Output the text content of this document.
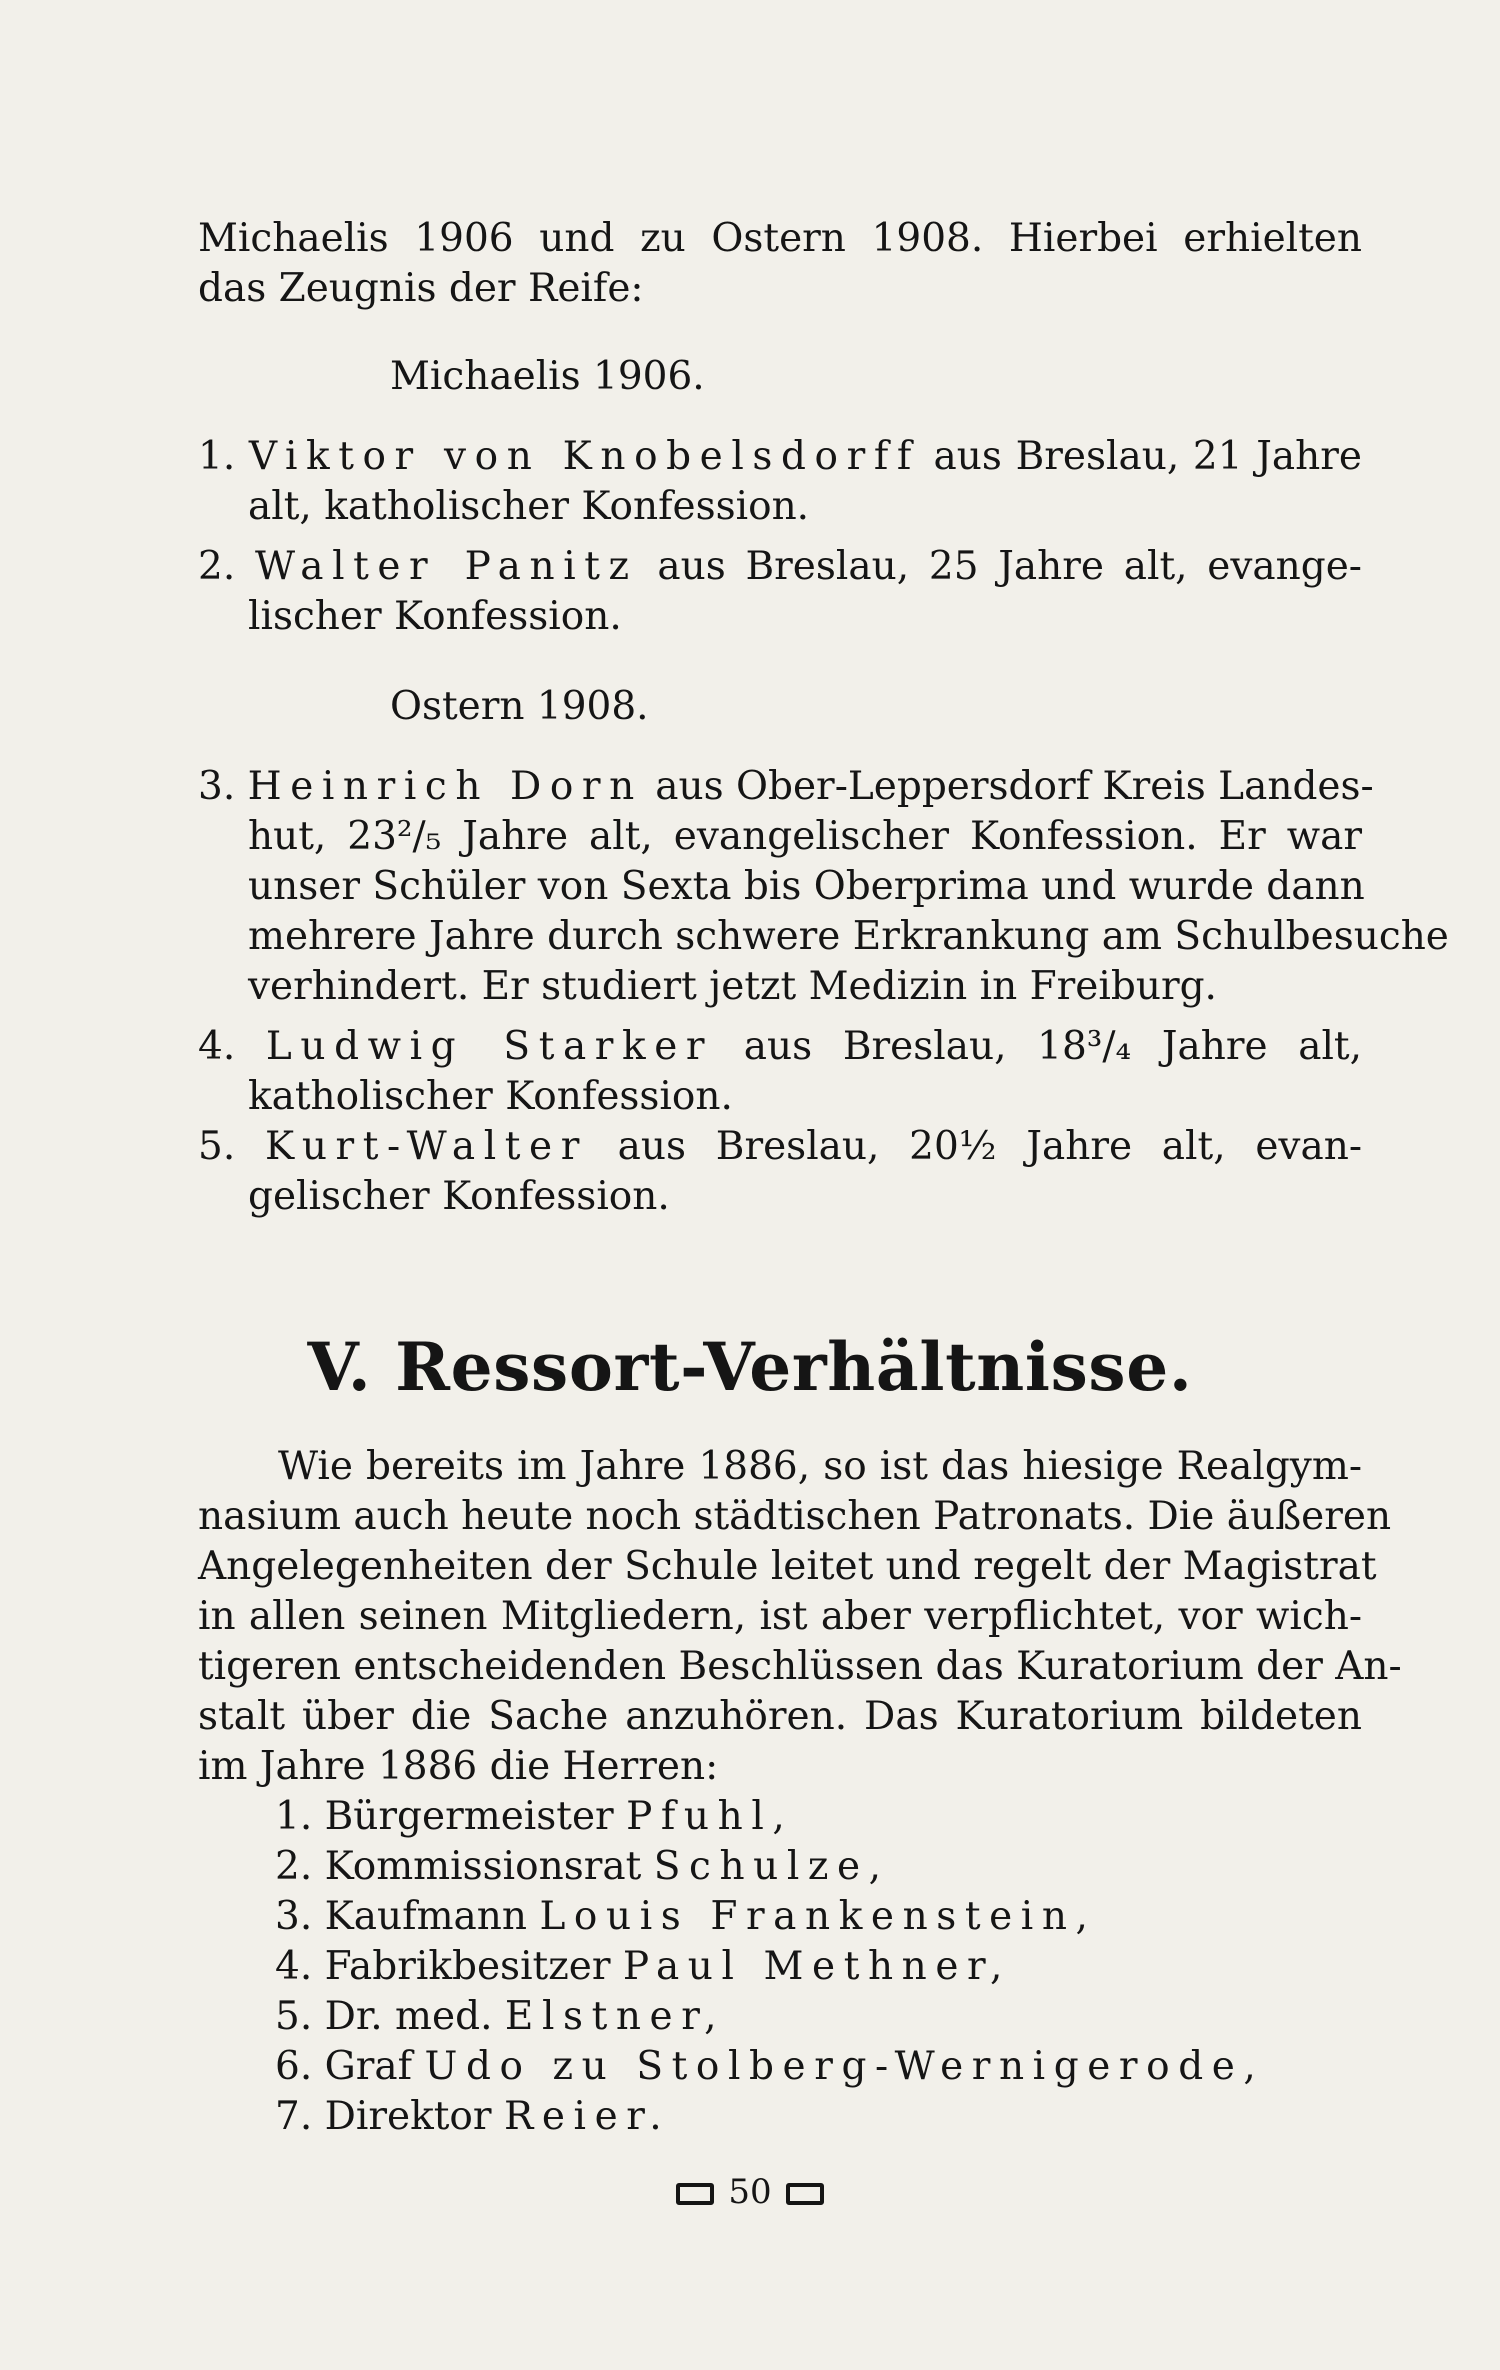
Michaelis 1906 und zu Ostern 1908. Hierbei erhielten
das Zeugnis der Reife:
Michaelis 1906.
1. Viktor von Knobelsdorff aus Breslau, 21 Jahre
alt, katholischer Konfession.
2. Walter Panitz aus Breslau, 25 Jahre alt, evange-
lischer Konfession.
Ostern 1908.
3. Heinrich Dorn aus Ober-Leppersdorf Kreis Landes-
hut, 23²/₅ Jahre alt, evangelischer Konfession. Er war
unser Schüler von Sexta bis Oberprima und wurde dann
mehrere Jahre durch schwere Erkrankung am Schulbesuche
verhindert. Er studiert jetzt Medizin in Freiburg.
4. Ludwig Starker aus Breslau, 18³/₄ Jahre alt,
katholischer Konfession.
5. Kurt-Walter aus Breslau, 20½ Jahre alt, evan-
gelischer Konfession.
V. Ressort-Verhältnisse.
Wie bereits im Jahre 1886, so ist das hiesige Realgym-
nasium auch heute noch städtischen Patronats. Die äußeren
Angelegenheiten der Schule leitet und regelt der Magistrat
in allen seinen Mitgliedern, ist aber verpflichtet, vor wich-
tigeren entscheidenden Beschlüssen das Kuratorium der An-
stalt über die Sache anzuhören. Das Kuratorium bildeten
im Jahre 1886 die Herren:
1. Bürgermeister Pfuhl,
2. Kommissionsrat Schulze,
3. Kaufmann Louis Frankenstein,
4. Fabrikbesitzer Paul Methner,
5. Dr. med. Elstner,
6. Graf Udo zu Stolberg-Wernigerode,
7. Direktor Reier.
50
